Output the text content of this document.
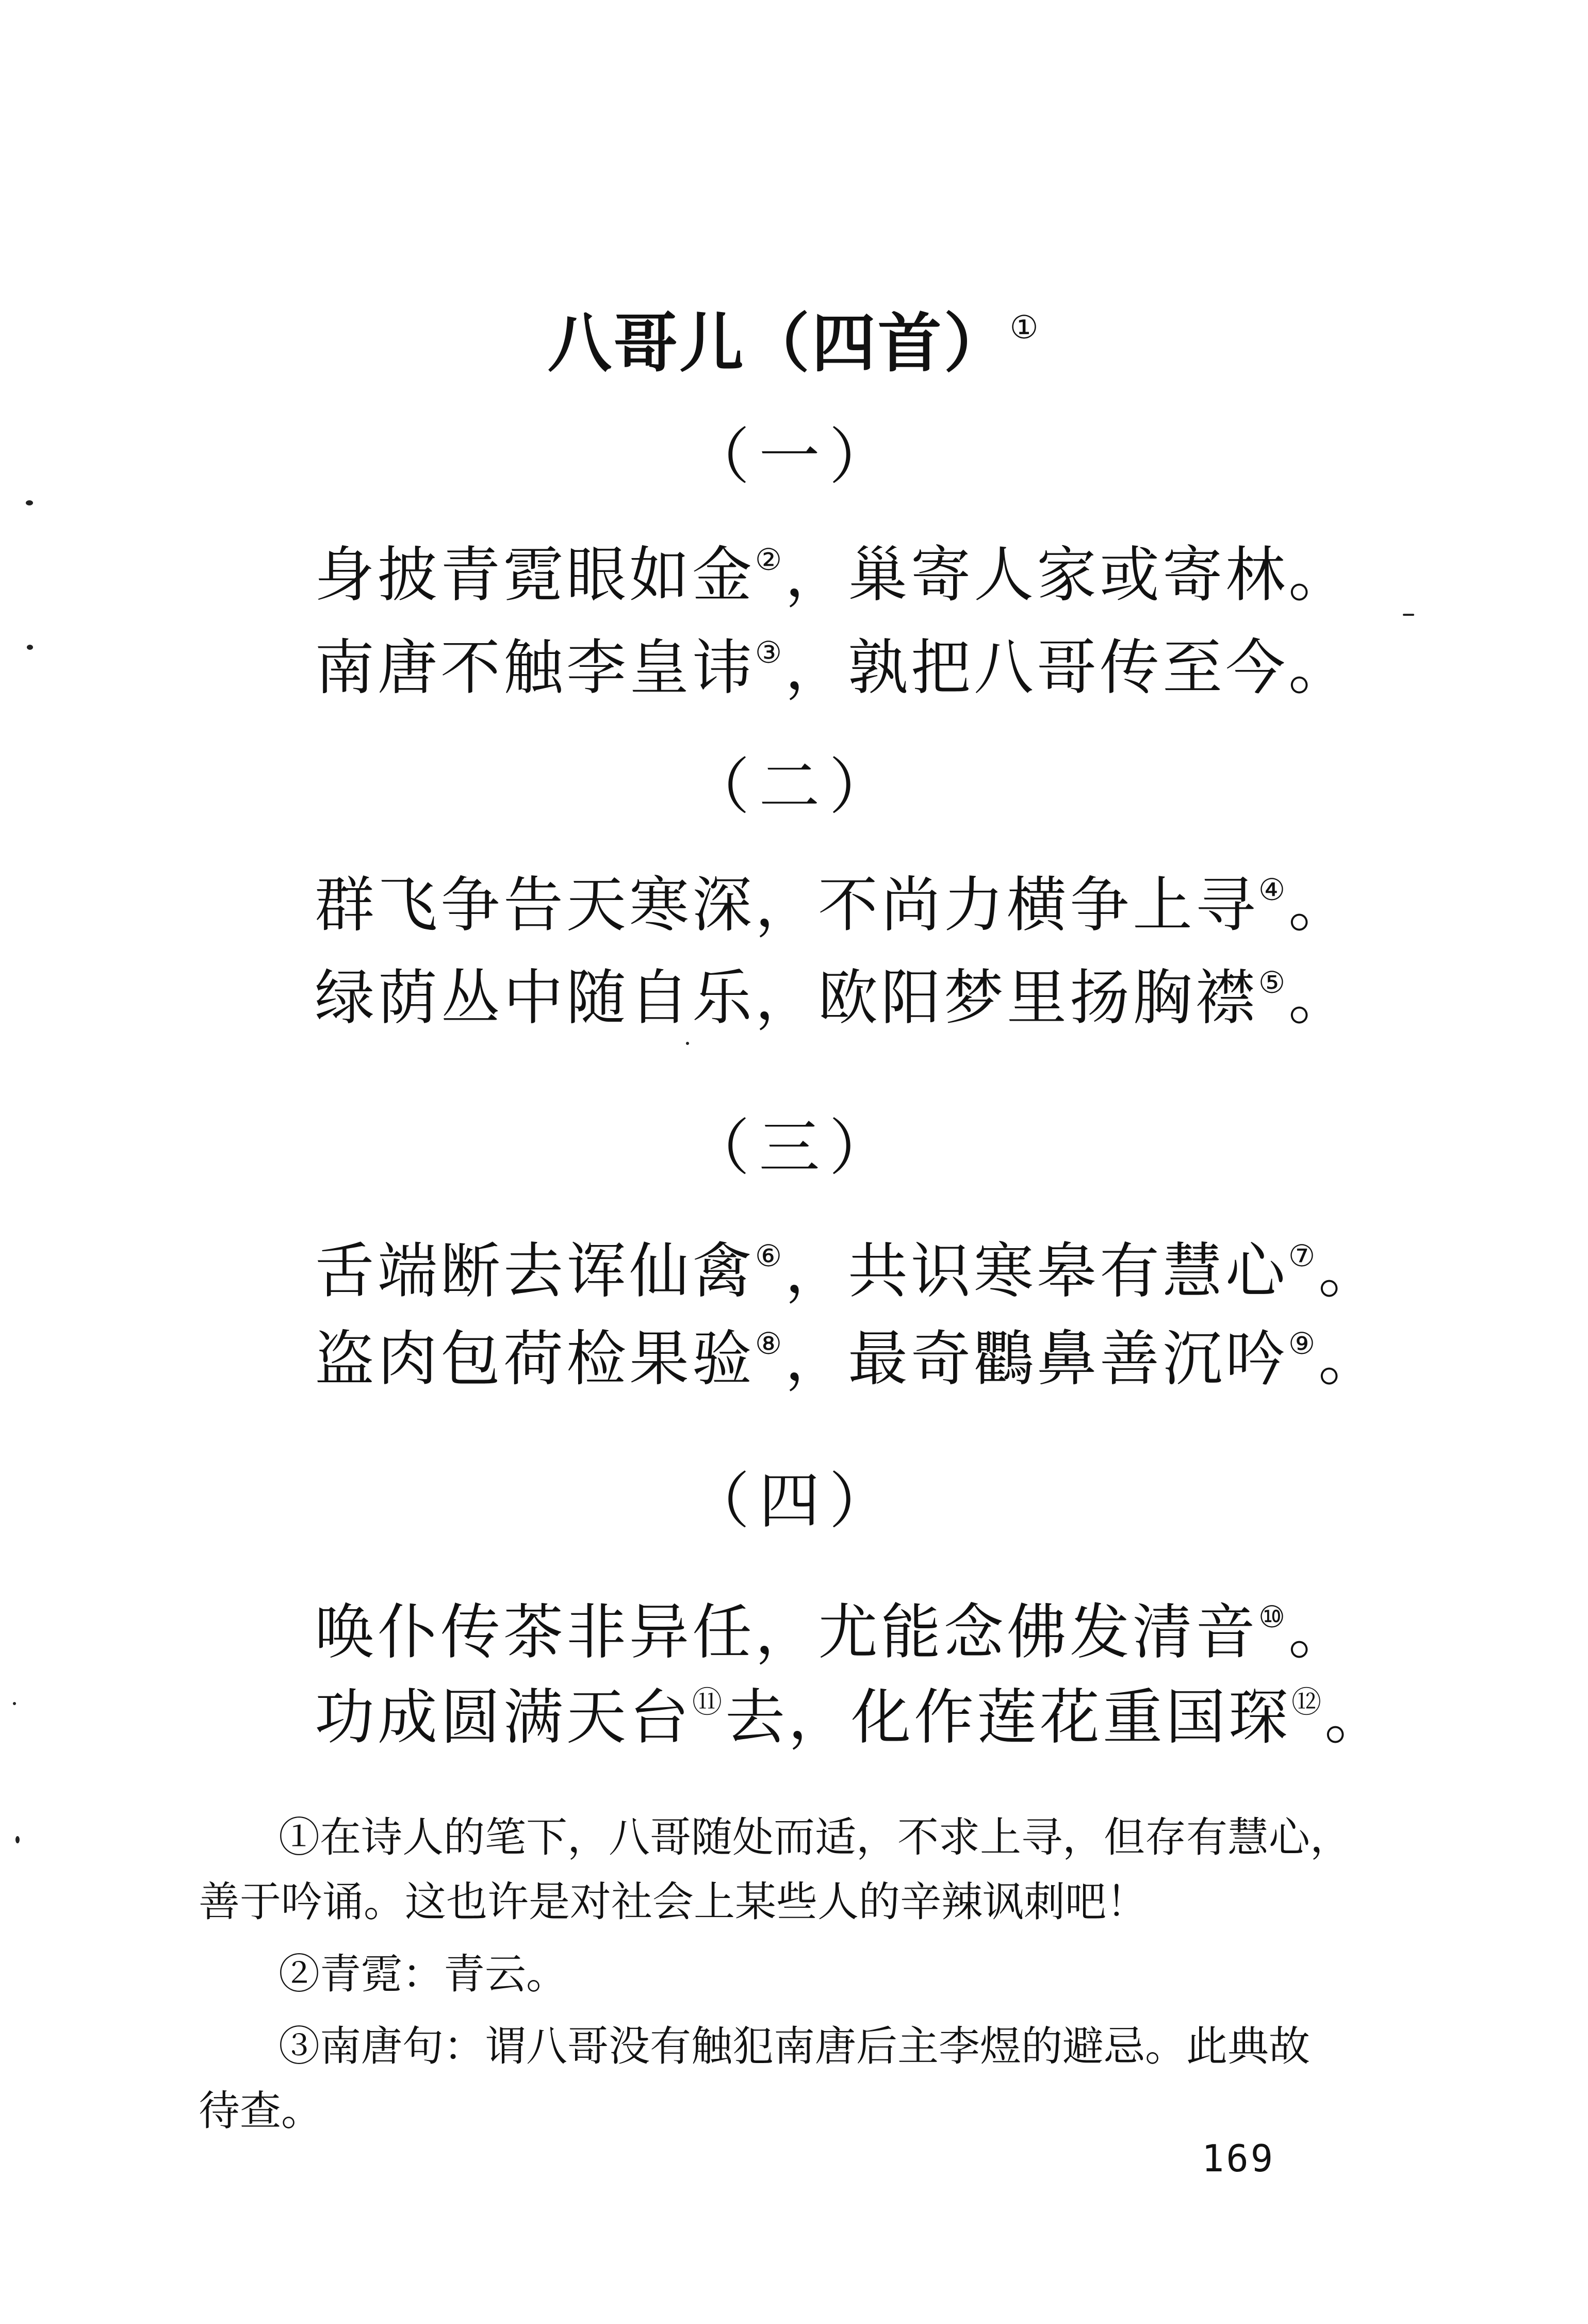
八哥儿（四首）①
（一）
身披青霓眼如金②，巢寄人家或寄林。
南唐不触李皇讳③，孰把八哥传至今。
（二）
群飞争告天寒深，不尚力横争上寻④。
绿荫丛中随自乐，欧阳梦里扬胸襟⑤。
（三）
舌端断去诨仙禽⑥，共识寒皋有慧心⑦。
盗肉包荷检果验⑧，最奇鸜鼻善沉吟⑨。
（四）
唤仆传茶非异任，尤能念佛发清音⑩。
功成圆满天台⑪去，化作莲花重国琛⑫。
①在诗人的笔下，八哥随处而适，不求上寻，但存有慧心，
善于吟诵。这也许是对社会上某些人的辛辣讽刺吧！
②青霓：青云。
③南唐句：谓八哥没有触犯南唐后主李煜的避忌。此典故
待查。
169
